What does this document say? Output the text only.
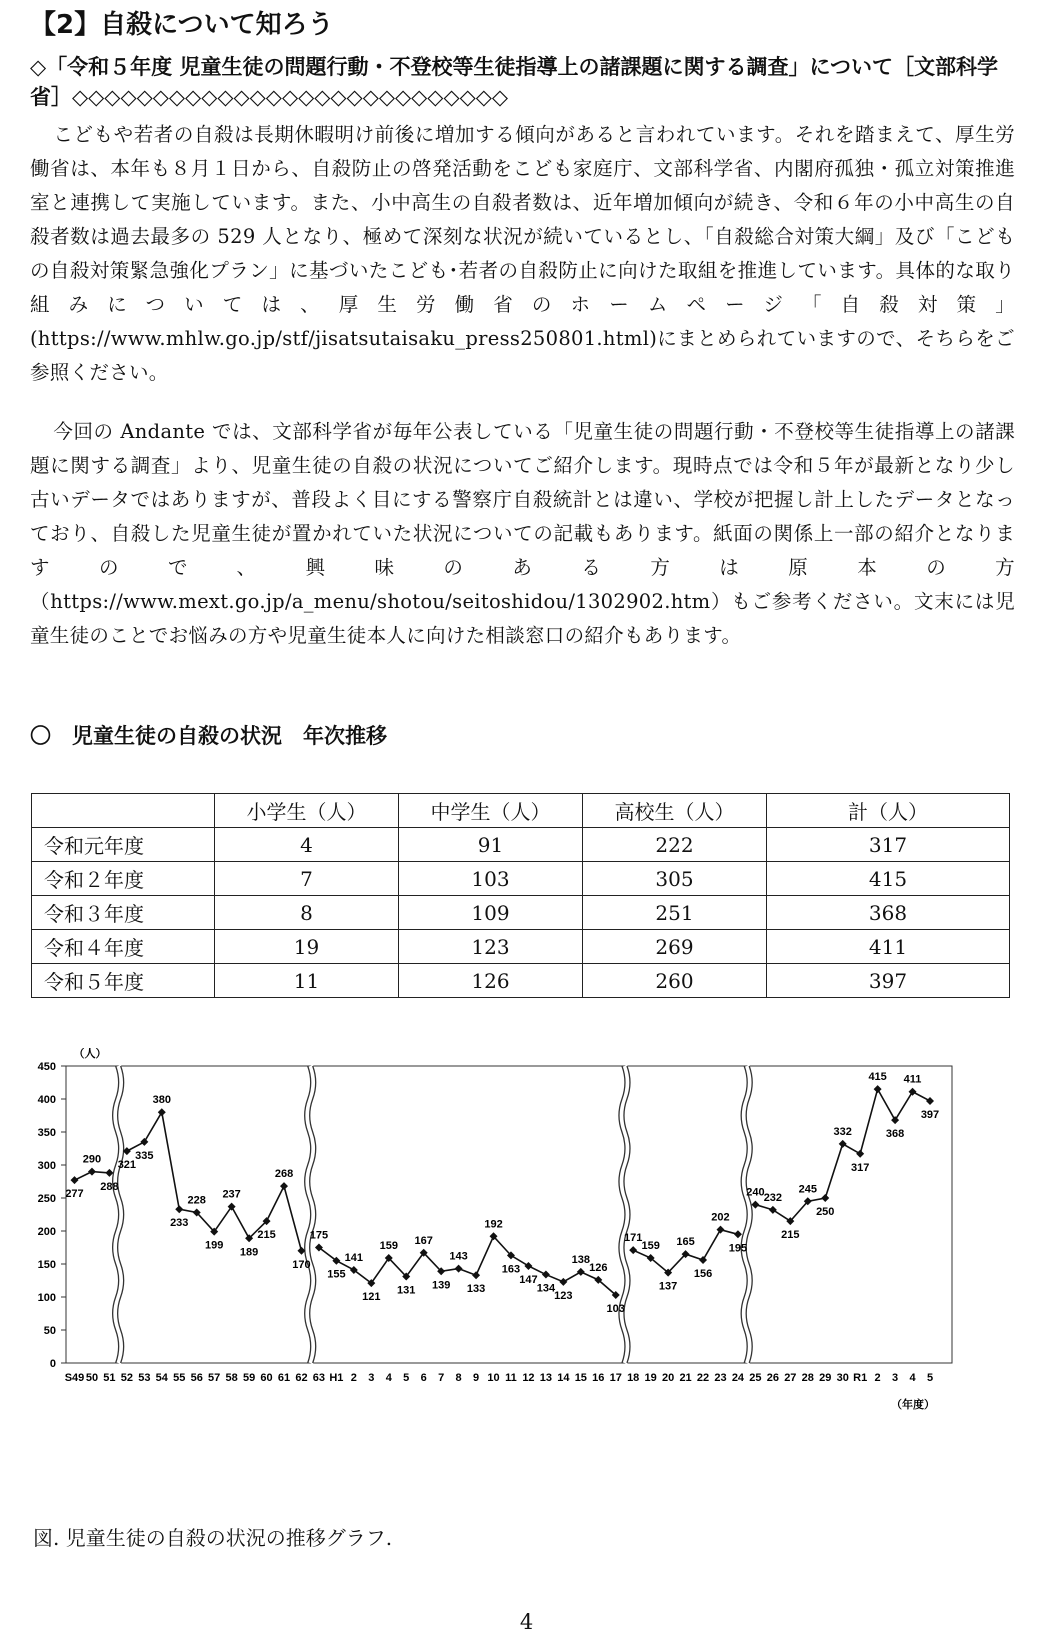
【2】自殺について知ろう
◇「令和５年度 児童生徒の問題行動・不登校等生徒指導上の諸課題に関する調査」について［文部科学省］◇◇◇◇◇◇◇◇◇◇◇◇◇◇◇◇◇◇◇◇◇◇◇◇◇◇◇

こどもや若者の自殺は長期休暇明け前後に増加する傾向があると言われています。それを踏まえて、厚生労働省は、本年も８月１日から、自殺防止の啓発活動をこども家庭庁、文部科学省、内閣府孤独・孤立対策推進室と連携して実施しています。また、小中高生の自殺者数は、近年増加傾向が続き、令和６年の小中高生の自殺者数は過去最多の 529 人となり、極めて深刻な状況が続いているとし、「自殺総合対策大綱」及び「こどもの自殺対策緊急強化プラン」に基づいたこども･若者の自殺防止に向けた取組を推進しています。具体的な取り組みについては、厚生労働省のホームページ「自殺対策」(https://www.mhlw.go.jp/stf/jisatsutaisaku_press250801.html)にまとめられていますので、そちらをご参照ください。

今回の Andante では、文部科学省が毎年公表している「児童生徒の問題行動・不登校等生徒指導上の諸課題に関する調査」より、児童生徒の自殺の状況についてご紹介します。現時点では令和５年が最新となり少し古いデータではありますが、普段よく目にする警察庁自殺統計とは違い、学校が把握し計上したデータとなっており、自殺した児童生徒が置かれていた状況についての記載もあります。紙面の関係上一部の紹介となりますので、興味のある方は原本の方（https://www.mext.go.jp/a_menu/shotou/seitoshidou/1302902.htm）もご参考ください。文末には児童生徒のことでお悩みの方や児童生徒本人に向けた相談窓口の紹介もあります。

〇　児童生徒の自殺の状況　年次推移
	小学生（人）	中学生（人）	高校生（人）	計（人）
令和元年度	4	91	222	317
令和２年度	7	103	305	415
令和３年度	8	109	251	368
令和４年度	19	123	269	411
令和５年度	11	126	260	397
0
50
100
150
200
250
300
350
400
450
（人）
（年度）
277
S49
290
50
288
51
321
52
335
53
380
54
233
55
228
56
199
57
237
58
189
59
215
60
268
61
170
62
175
63
155
H1
141
2
121
3
159
4
131
5
167
6
139
7
143
8
133
9
192
10
163
11
147
12
134
13
123
14
138
15
126
16
103
17
171
18
159
19
137
20
165
21
156
22
202
23
195
24
240
25
232
26
215
27
245
28
250
29
332
30
317
R1
415
2
368
3
411
4
397
5
図. 児童生徒の自殺の状況の推移グラフ.
4
